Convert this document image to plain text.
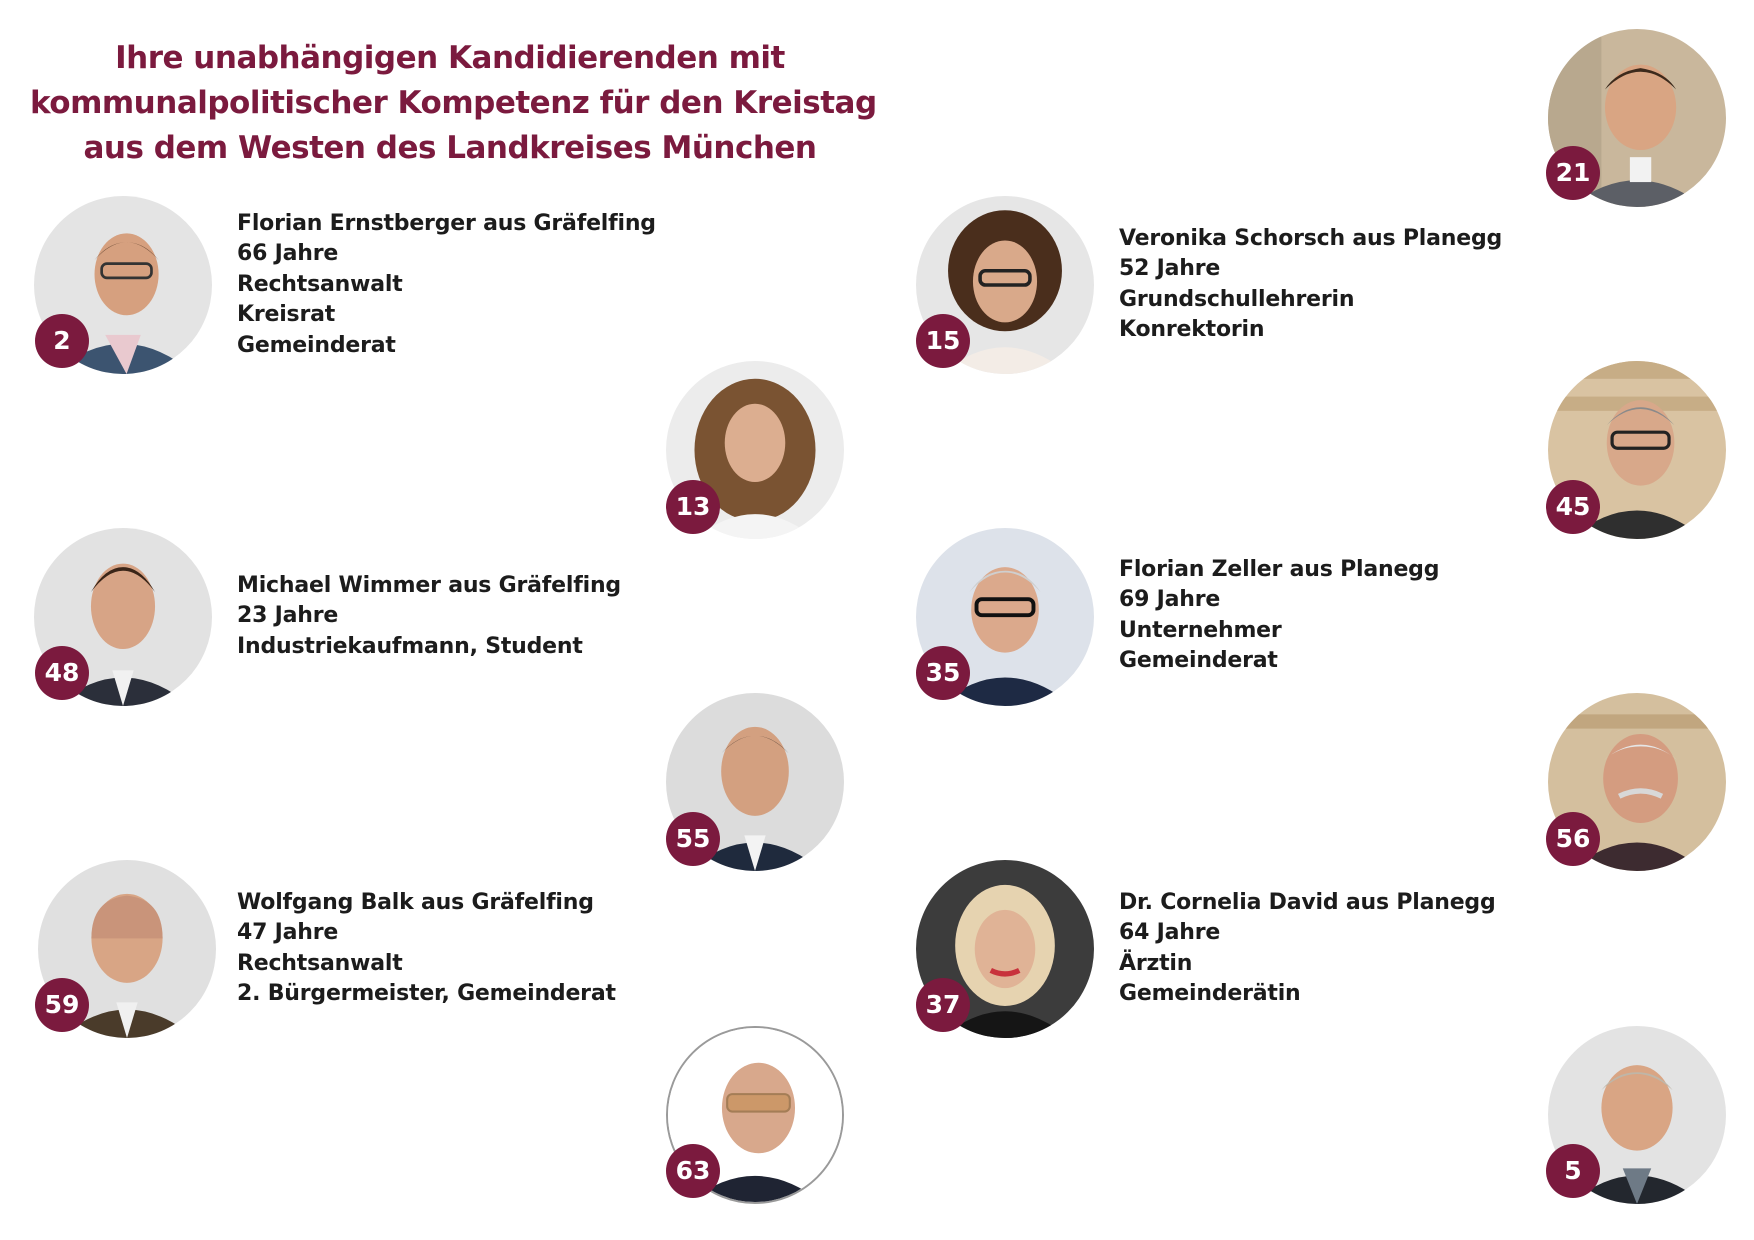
Ihre unabhängigen Kandidierenden mit
kommunalpolitischer Kompetenz für den Kreistag
aus dem Westen des Landkreises München
21
2
Florian Ernstberger aus Gräfelfing
66 Jahre
Rechtsanwalt
Kreisrat
Gemeinderat	15
Veronika Schorsch aus Planegg
52 Jahre
Grundschullehrerin
Konrektorin
13	45
48
Michael Wimmer aus Gräfelfing
23 Jahre
Industriekaufmann, Student
35
Florian Zeller aus Planegg
69 Jahre
Unternehmer
Gemeinderat
55	56
59
Wolfgang Balk aus Gräfelfing
47 Jahre
Rechtsanwalt
2. Bürgermeister, Gemeinderat	37
Dr. Cornelia David aus Planegg
64 Jahre
Ärztin
Gemeinderätin
63	5
